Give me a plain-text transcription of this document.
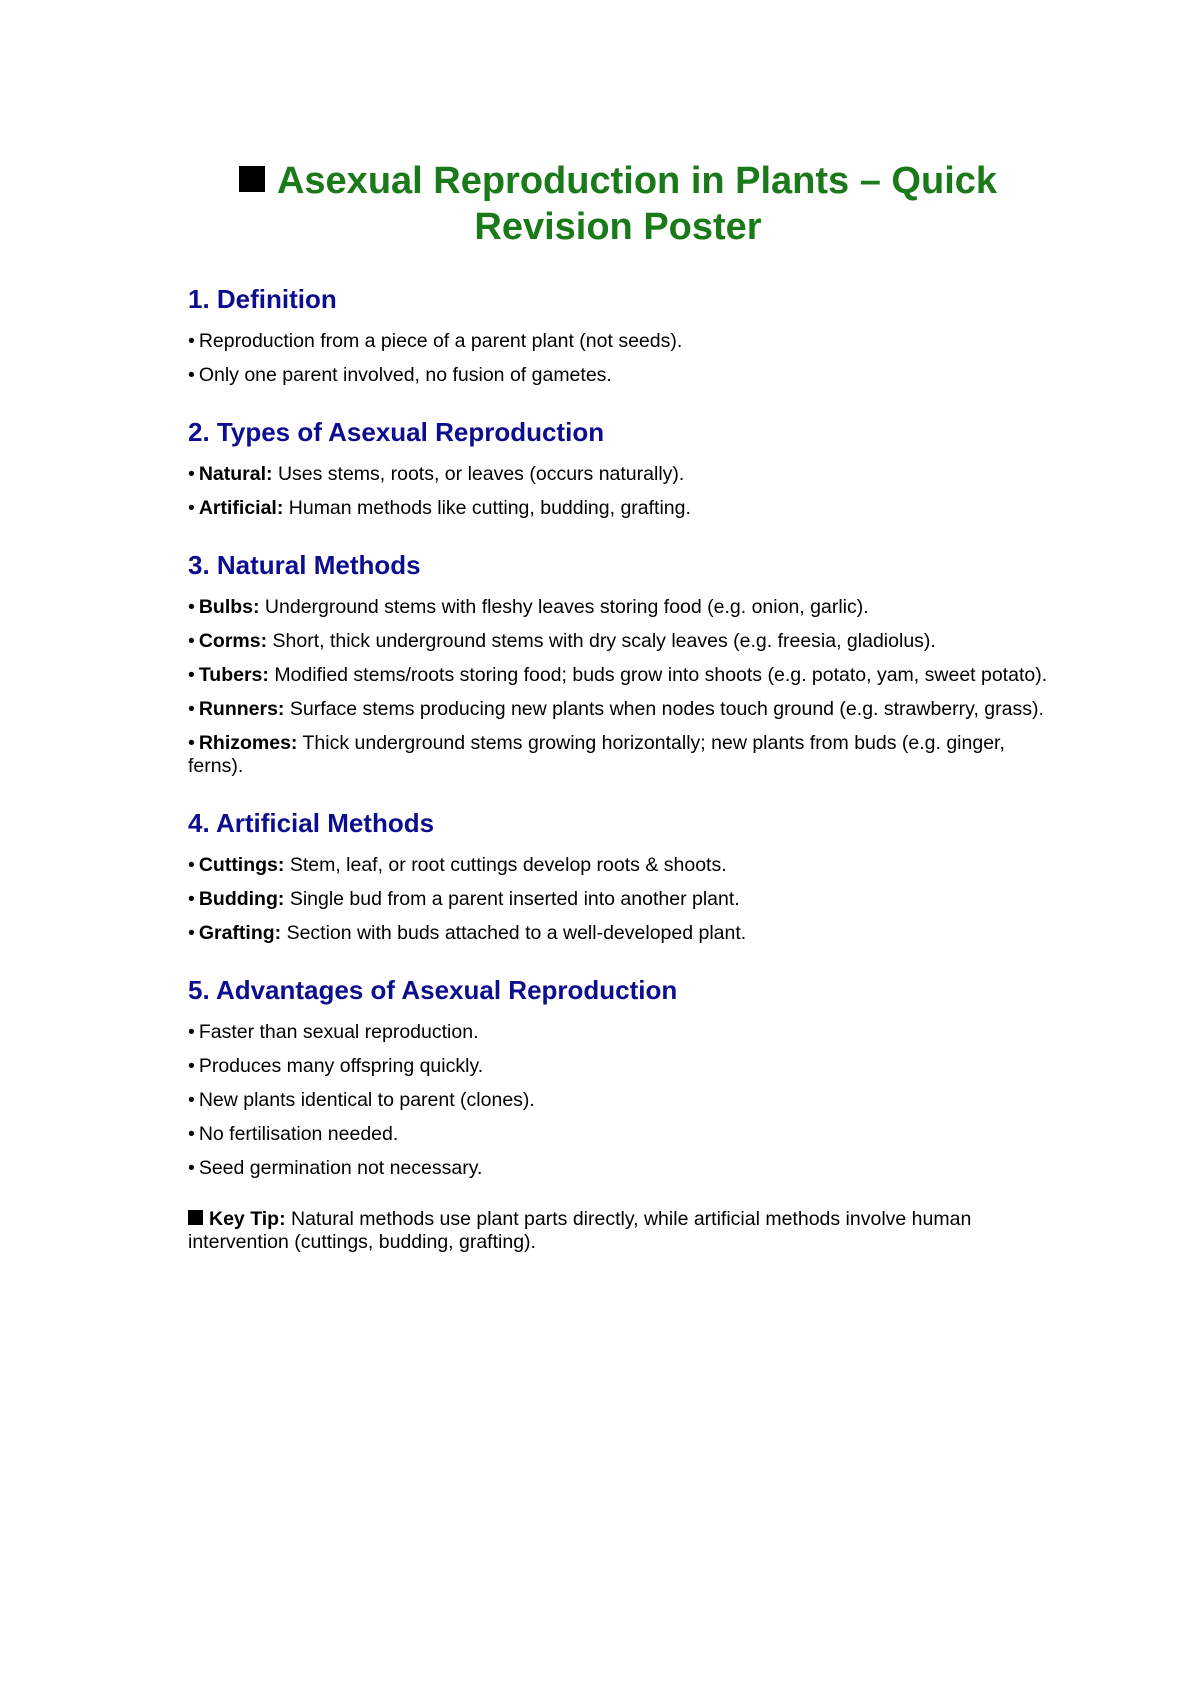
Asexual Reproduction in Plants – Quick Revision Poster
1. Definition
• Reproduction from a piece of a parent plant (not seeds).
• Only one parent involved, no fusion of gametes.
2. Types of Asexual Reproduction
• Natural: Uses stems, roots, or leaves (occurs naturally).
• Artificial: Human methods like cutting, budding, grafting.
3. Natural Methods
• Bulbs: Underground stems with fleshy leaves storing food (e.g. onion, garlic).
• Corms: Short, thick underground stems with dry scaly leaves (e.g. freesia, gladiolus).
• Tubers: Modified stems/roots storing food; buds grow into shoots (e.g. potato, yam, sweet potato).
• Runners: Surface stems producing new plants when nodes touch ground (e.g. strawberry, grass).
• Rhizomes: Thick underground stems growing horizontally; new plants from buds (e.g. ginger, ferns).
4. Artificial Methods
• Cuttings: Stem, leaf, or root cuttings develop roots & shoots.
• Budding: Single bud from a parent inserted into another plant.
• Grafting: Section with buds attached to a well-developed plant.
5. Advantages of Asexual Reproduction
• Faster than sexual reproduction.
• Produces many offspring quickly.
• New plants identical to parent (clones).
• No fertilisation needed.
• Seed germination not necessary.
Key Tip: Natural methods use plant parts directly, while artificial methods involve human intervention (cuttings, budding, grafting).
